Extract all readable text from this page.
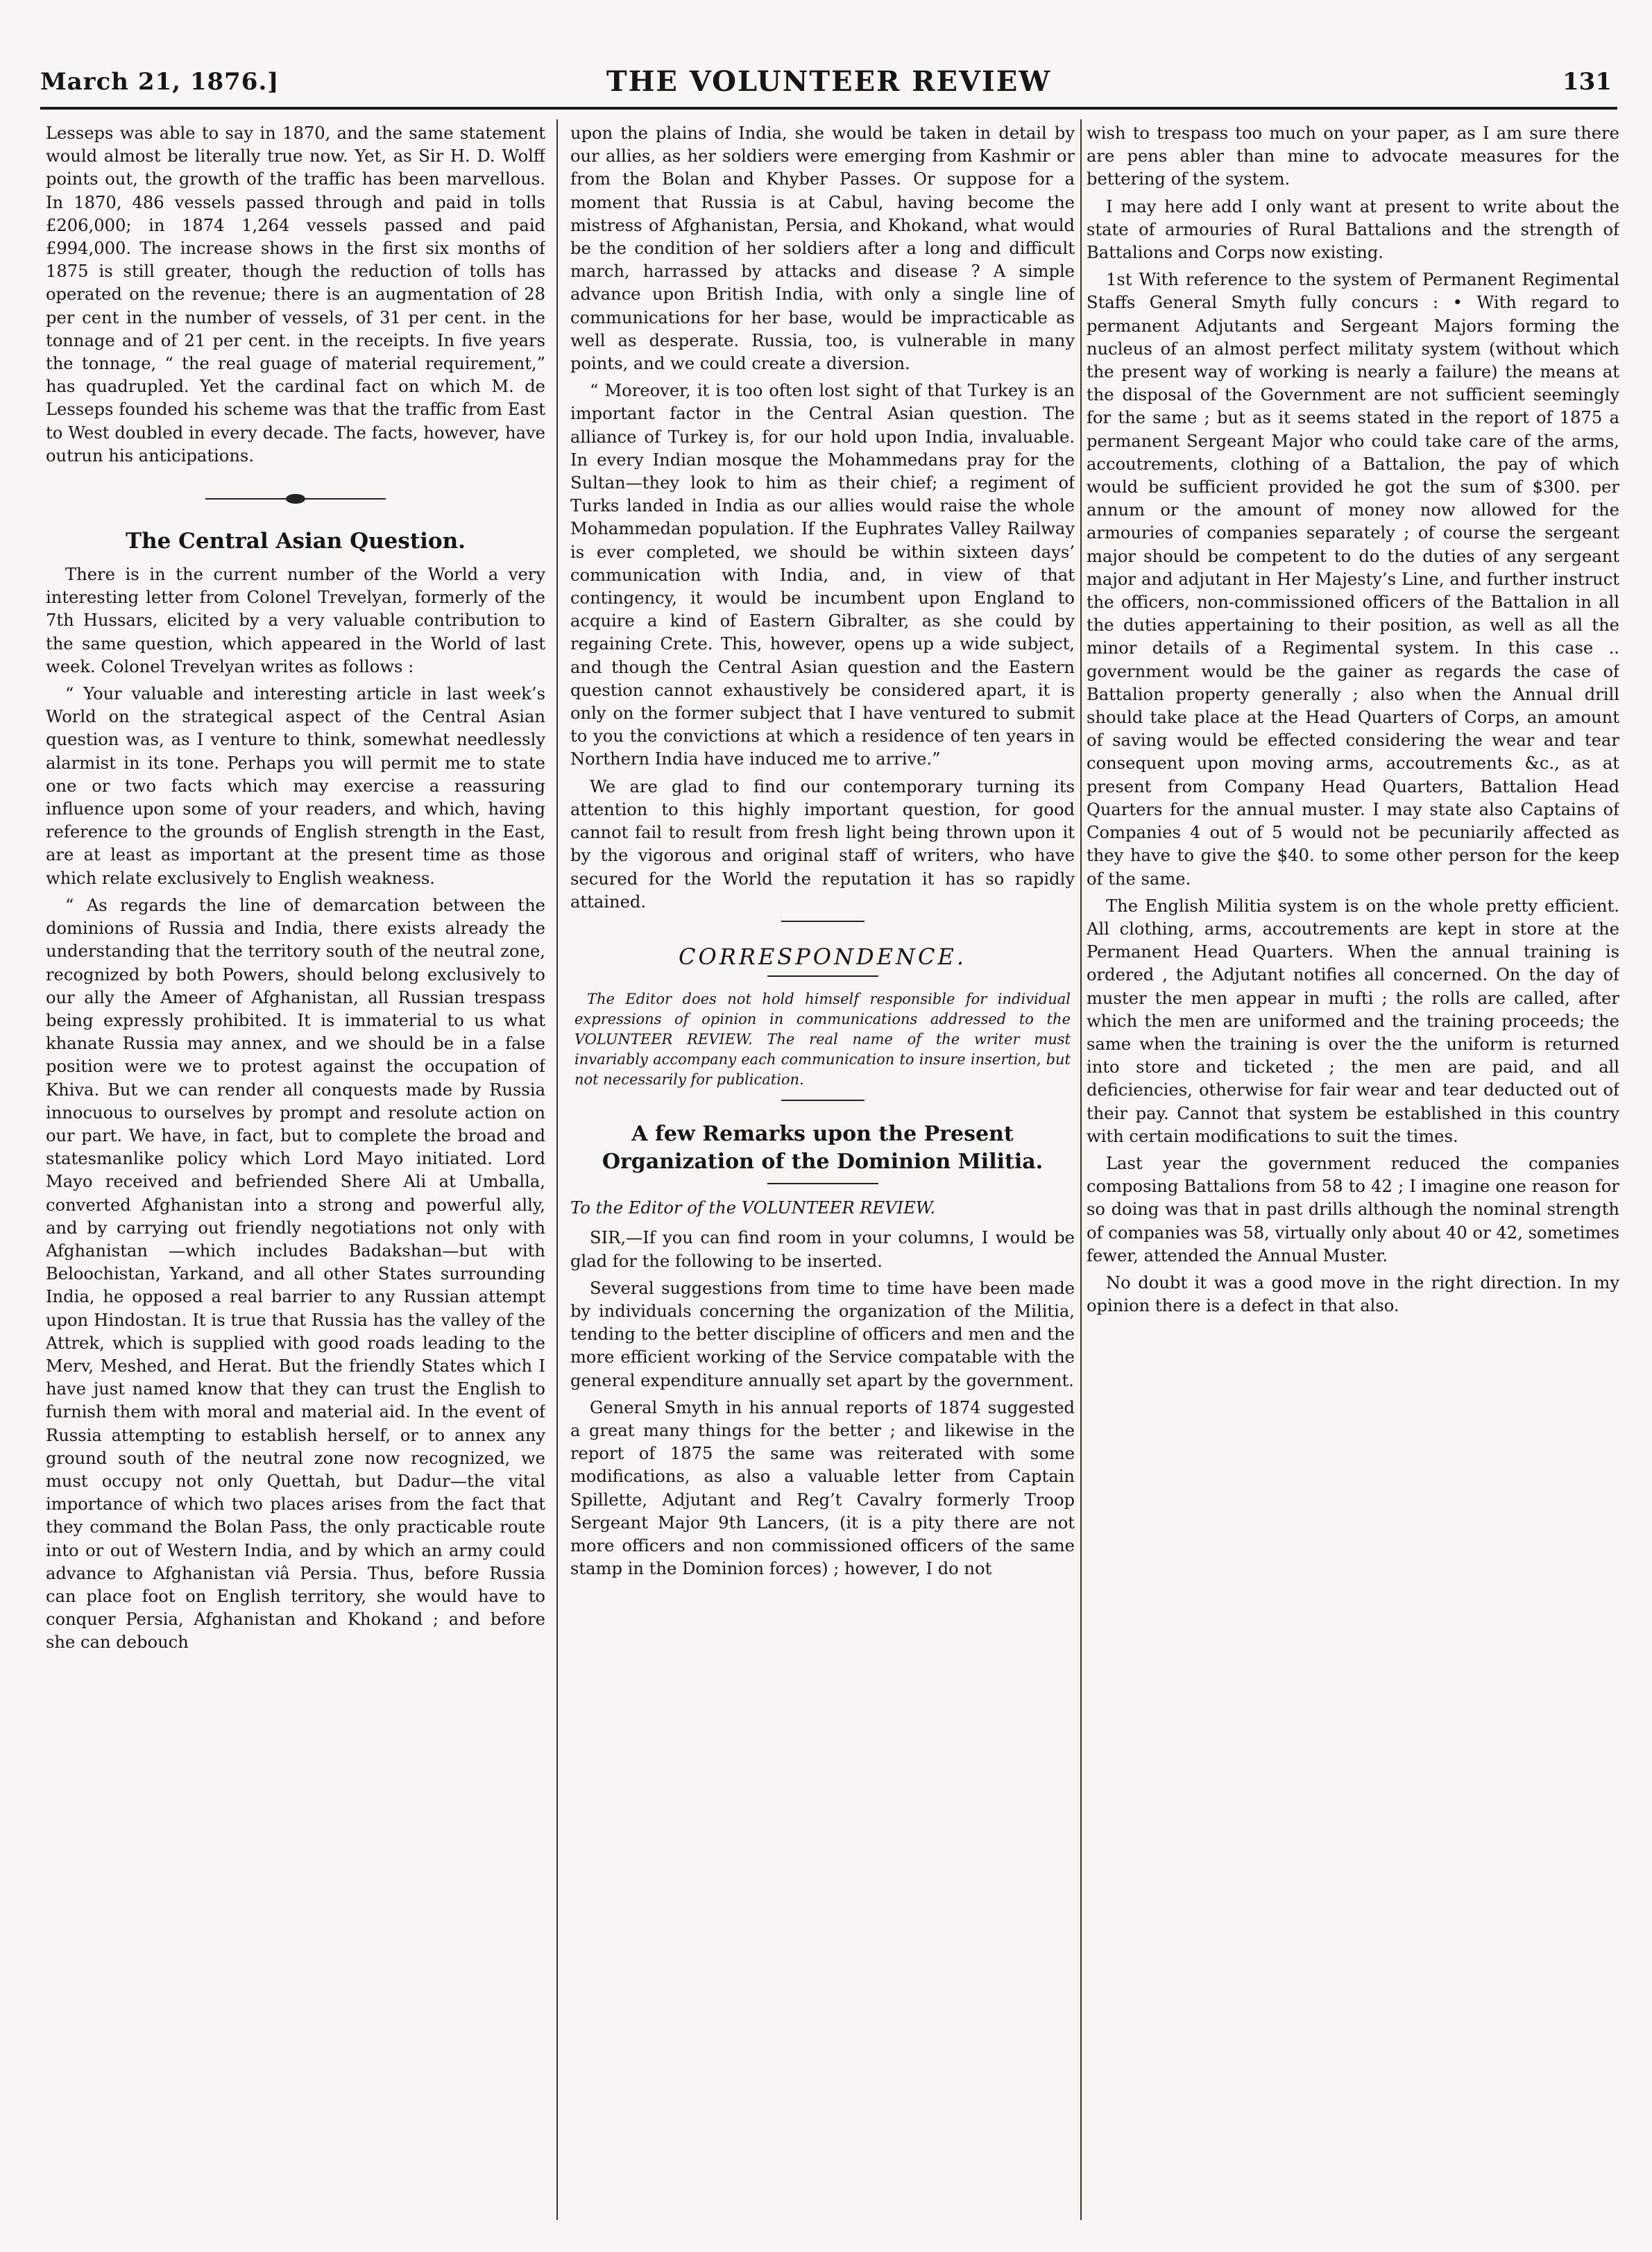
March 21, 1876.]	THE VOLUNTEER REVIEW	131

Lesseps was able to say in 1870, and the same statement would almost be literally true now. Yet, as Sir H. D. Wolff points out, the growth of the traffic has been marvellous. In 1870, 486 vessels passed through and paid in tolls £206,000; in 1874 1,264 vessels passed and paid £994,000. The increase shows in the first six months of 1875 is still greater, though the reduction of tolls has operated on the revenue; there is an augmentation of 28 per cent in the number of vessels, of 31 per cent. in the tonnage and of 21 per cent. in the receipts. In five years the tonnage, “ the real guage of material requirement,” has quadrupled. Yet the cardinal fact on which M. de Lesseps founded his scheme was that the traffic from East to West doubled in every decade. The facts, however, have outrun his anticipations.

The Central Asian Question.

There is in the current number of the World a very interesting letter from Colonel Trevelyan, formerly of the 7th Hussars, elicited by a very valuable contribution to the same question, which appeared in the World of last week. Colonel Trevelyan writes as follows :

“ Your valuable and interesting article in last week’s World on the strategical aspect of the Central Asian question was, as I venture to think, somewhat needlessly alarmist in its tone. Perhaps you will permit me to state one or two facts which may exercise a reassuring influence upon some of your readers, and which, having reference to the grounds of English strength in the East, are at least as important at the present time as those which relate exclusively to English weakness.

“ As regards the line of demarcation between the dominions of Russia and India, there exists already the understanding that the territory south of the neutral zone, recognized by both Powers, should belong exclusively to our ally the Ameer of Afghanistan, all Russian trespass being expressly prohibited. It is immaterial to us what khanate Russia may annex, and we should be in a false position were we to protest against the occupation of Khiva. But we can render all conquests made by Russia innocuous to ourselves by prompt and resolute action on our part. We have, in fact, but to complete the broad and statesmanlike policy which Lord Mayo initiated. Lord Mayo received and befriended Shere Ali at Umballa, converted Afghanistan into a strong and powerful ally, and by carrying out friendly negotiations not only with Afghanistan —which includes Badakshan—but with Beloochistan, Yarkand, and all other States surrounding India, he opposed a real barrier to any Russian attempt upon Hindostan. It is true that Russia has the valley of the Attrek, which is supplied with good roads leading to the Merv, Meshed, and Herat. But the friendly States which I have just named know that they can trust the English to furnish them with moral and material aid. In the event of Russia attempting to establish herself, or to annex any ground south of the neutral zone now recognized, we must occupy not only Quettah, but Dadur—the vital importance of which two places arises from the fact that they command the Bolan Pass, the only practicable route into or out of Western India, and by which an army could advance to Afghanistan viâ Persia. Thus, before Russia can place foot on English territory, she would have to conquer Persia, Afghanistan and Khokand ; and before she can debouch

upon the plains of India, she would be taken in detail by our allies, as her soldiers were emerging from Kashmir or from the Bolan and Khyber Passes. Or suppose for a moment that Russia is at Cabul, having become the mistress of Afghanistan, Persia, and Khokand, what would be the condition of her soldiers after a long and difficult march, harrassed by attacks and disease ? A simple advance upon British India, with only a single line of communications for her base, would be impracticable as well as desperate. Russia, too, is vulnerable in many points, and we could create a diversion.

“ Moreover, it is too often lost sight of that Turkey is an important factor in the Central Asian question. The alliance of Turkey is, for our hold upon India, invaluable. In every Indian mosque the Mohammedans pray for the Sultan—they look to him as their chief; a regiment of Turks landed in India as our allies would raise the whole Mohammedan population. If the Euphrates Valley Railway is ever completed, we should be within sixteen days’ communication with India, and, in view of that contingency, it would be incumbent upon England to acquire a kind of Eastern Gibralter, as she could by regaining Crete. This, however, opens up a wide subject, and though the Central Asian question and the Eastern question cannot exhaustively be considered apart, it is only on the former subject that I have ventured to submit to you the convictions at which a residence of ten years in Northern India have induced me to arrive.”

We are glad to find our contemporary turning its attention to this highly important question, for good cannot fail to result from fresh light being thrown upon it by the vigorous and original staff of writers, who have secured for the World the reputation it has so rapidly attained.

CORRESPONDENCE.

The Editor does not hold himself responsible for individual expressions of opinion in communications addressed to the VOLUNTEER REVIEW. The real name of the writer must invariably accompany each communication to insure insertion, but not necessarily for publication.

A few Remarks upon the Present Organization of the Dominion Militia.

To the Editor of the VOLUNTEER REVIEW.

SIR,—If you can find room in your columns, I would be glad for the following to be inserted.

Several suggestions from time to time have been made by individuals concerning the organization of the Militia, tending to the better discipline of officers and men and the more efficient working of the Service compatable with the general expenditure annually set apart by the government.

General Smyth in his annual reports of 1874 suggested a great many things for the better ; and likewise in the report of 1875 the same was reiterated with some modifications, as also a valuable letter from Captain Spillette, Adjutant and Reg’t Cavalry formerly Troop Sergeant Major 9th Lancers, (it is a pity there are not more officers and non commissioned officers of the same stamp in the Dominion forces) ; however, I do not

wish to trespass too much on your paper, as I am sure there are pens abler than mine to advocate measures for the bettering of the system.

I may here add I only want at present to write about the state of armouries of Rural Battalions and the strength of Battalions and Corps now existing.

1st With reference to the system of Permanent Regimental Staffs General Smyth fully concurs : • With regard to permanent Adjutants and Sergeant Majors forming the nucleus of an almost perfect militaty system (without which the present way of working is nearly a failure) the means at the disposal of the Government are not sufficient seemingly for the same ; but as it seems stated in the report of 1875 a permanent Sergeant Major who could take care of the arms, accoutrements, clothing of a Battalion, the pay of which would be sufficient provided he got the sum of $300. per annum or the amount of money now allowed for the armouries of companies separately ; of course the sergeant major should be competent to do the duties of any sergeant major and adjutant in Her Majesty’s Line, and further instruct the officers, non-commissioned officers of the Battalion in all the duties appertaining to their position, as well as all the minor details of a Regimental system. In this case .. government would be the gainer as regards the case of Battalion property generally ; also when the Annual drill should take place at the Head Quarters of Corps, an amount of saving would be effected considering the wear and tear consequent upon moving arms, accoutrements &c., as at present from Company Head Quarters, Battalion Head Quarters for the annual muster. I may state also Captains of Companies 4 out of 5 would not be pecuniarily affected as they have to give the $40. to some other person for the keep of the same.

The English Militia system is on the whole pretty efficient. All clothing, arms, accoutrements are kept in store at the Permanent Head Quarters. When the annual training is ordered , the Adjutant notifies all concerned. On the day of muster the men appear in mufti ; the rolls are called, after which the men are uniformed and the training proceeds; the same when the training is over the the uniform is returned into store and ticketed ; the men are paid, and all deficiencies, otherwise for fair wear and tear deducted out of their pay. Cannot that system be established in this country with certain modifications to suit the times.

Last year the government reduced the companies composing Battalions from 58 to 42 ; I imagine one reason for so doing was that in past drills although the nominal strength of companies was 58, virtually only about 40 or 42, sometimes fewer, attended the Annual Muster.

No doubt it was a good move in the right direction. In my opinion there is a defect in that also.
